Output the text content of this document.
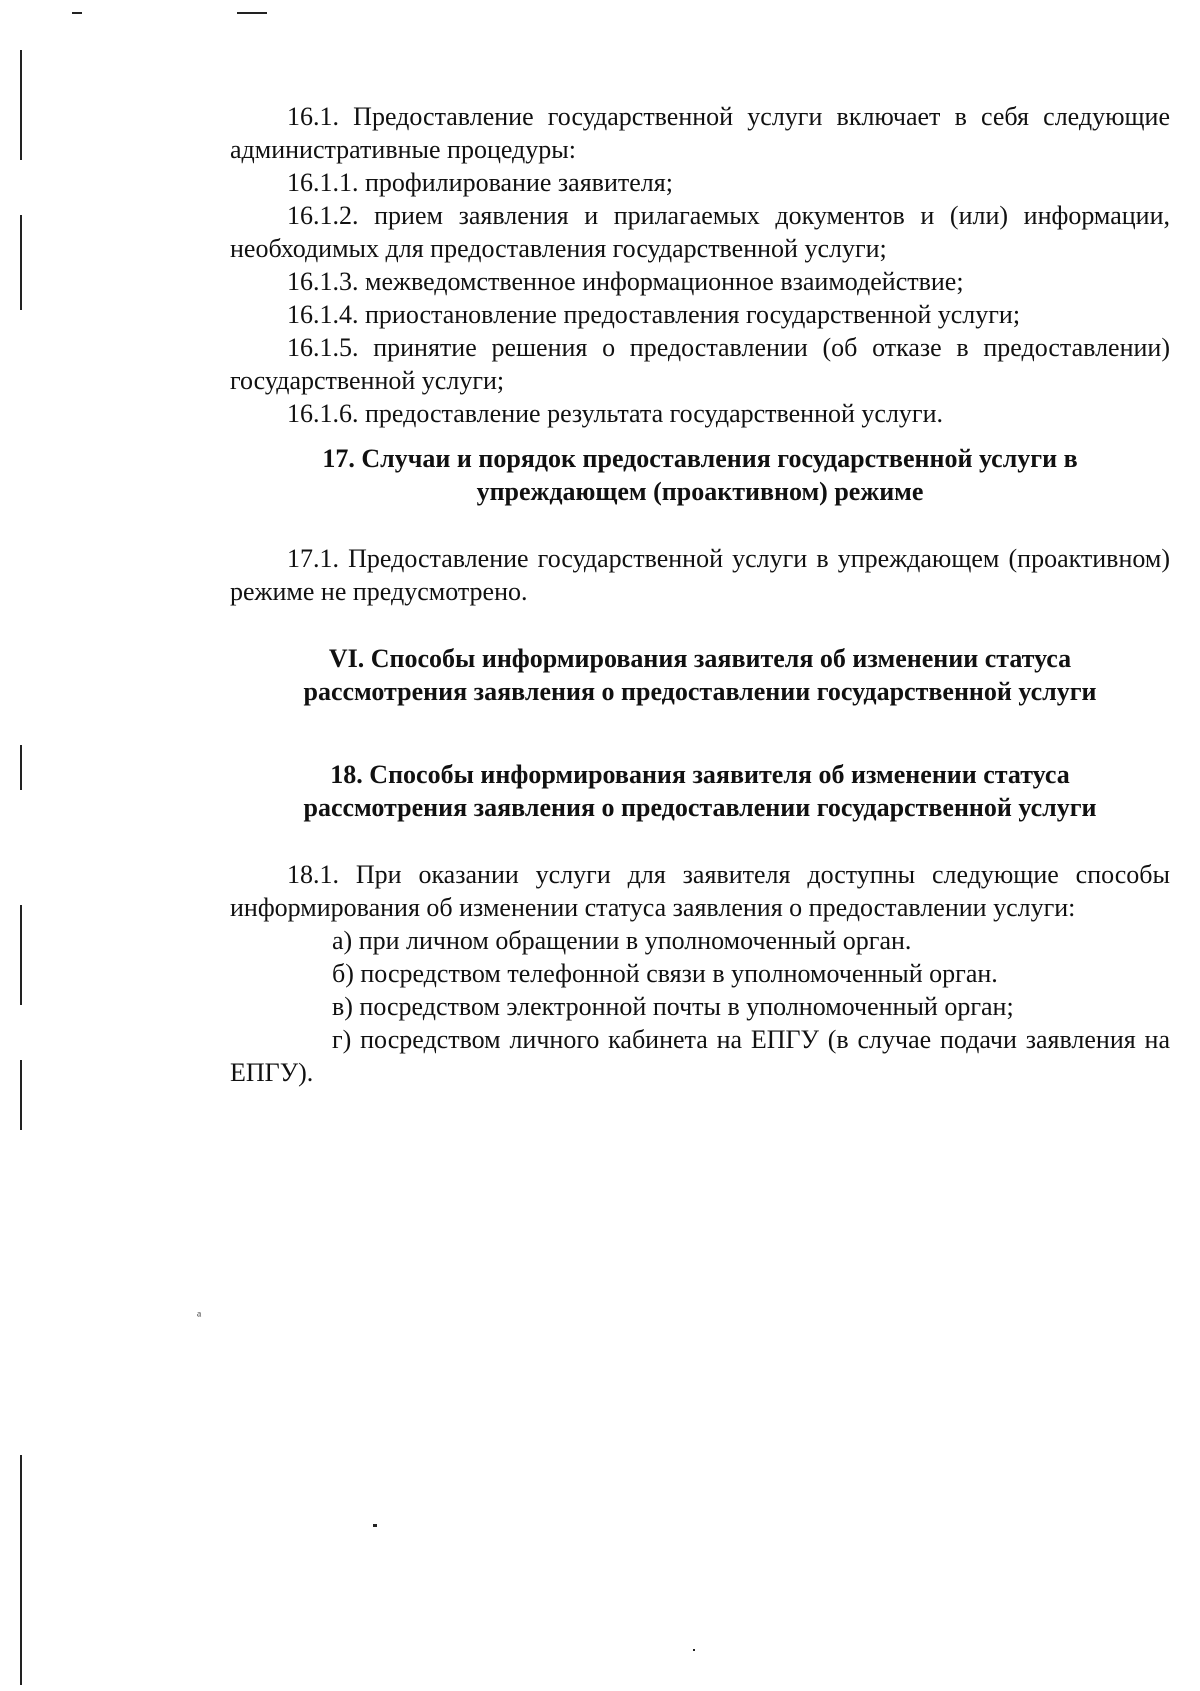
ᵃ

16.1. Предоставление государственной услуги включает в себя следующие административные процедуры:

16.1.1. профилирование заявителя;

16.1.2. прием заявления и прилагаемых документов и (или) информации, необходимых для предоставления государственной услуги;

16.1.3. межведомственное информационное взаимодействие;

16.1.4. приостановление предоставления государственной услуги;

16.1.5. принятие решения о предоставлении (об отказе в предоставлении) государственной услуги;

16.1.6. предоставление результата государственной услуги.

17. Случаи и порядок предоставления государственной услуги в
упреждающем (проактивном) режиме

17.1. Предоставление государственной услуги в упреждающем (проактивном) режиме не предусмотрено.

VI. Способы информирования заявителя об изменении статуса
рассмотрения заявления о предоставлении государственной услуги
18. Способы информирования заявителя об изменении статуса
рассмотрения заявления о предоставлении государственной услуги

18.1. При оказании услуги для заявителя доступны следующие способы информирования об изменении статуса заявления о предоставлении услуги:

а) при личном обращении в уполномоченный орган.

б) посредством телефонной связи в уполномоченный орган.

в) посредством электронной почты в уполномоченный орган;

г) посредством личного кабинета на ЕПГУ (в случае подачи заявления на ЕПГУ).
